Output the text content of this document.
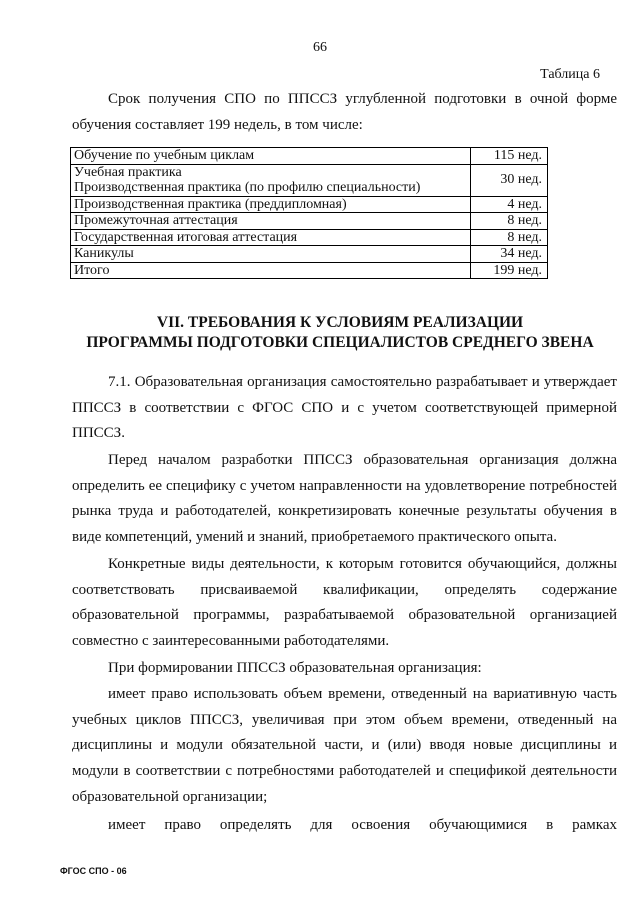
66
Таблица 6
Срок получения СПО по ППССЗ углубленной подготовки в очной форме обучения составляет 199 недель, в том числе:
Обучение по учебным циклам	115 нед.

Учебная практика
Производственная практика (по профилю специальности)	30 нед.
Производственная практика (преддипломная)	4 нед.
Промежуточная аттестация	8 нед.
Государственная итоговая аттестация	8 нед.
Каникулы	34 нед.
Итого	199 нед.
VII. ТРЕБОВАНИЯ К УСЛОВИЯМ РЕАЛИЗАЦИИ
ПРОГРАММЫ ПОДГОТОВКИ СПЕЦИАЛИСТОВ СРЕДНЕГО ЗВЕНА
7.1. Образовательная организация самостоятельно разрабатывает и утверждает ППССЗ в соответствии с ФГОС СПО и с учетом соответствующей примерной ППССЗ.
Перед началом разработки ППССЗ образовательная организация должна определить ее специфику с учетом направленности на удовлетворение потребностей рынка труда и работодателей, конкретизировать конечные результаты обучения в виде компетенций, умений и знаний, приобретаемого практического опыта.
Конкретные виды деятельности, к которым готовится обучающийся, должны соответствовать присваиваемой квалификации, определять содержание образовательной программы, разрабатываемой образовательной организацией совместно с заинтересованными работодателями.
При формировании ППССЗ образовательная организация:
имеет право использовать объем времени, отведенный на вариативную часть учебных циклов ППССЗ, увеличивая при этом объем времени, отведенный на дисциплины и модули обязательной части, и (или) вводя новые дисциплины и модули в соответствии с потребностями работодателей и спецификой деятельности образовательной организации;
имеет право определять для освоения обучающимися в рамках
ФГОС СПО - 06
